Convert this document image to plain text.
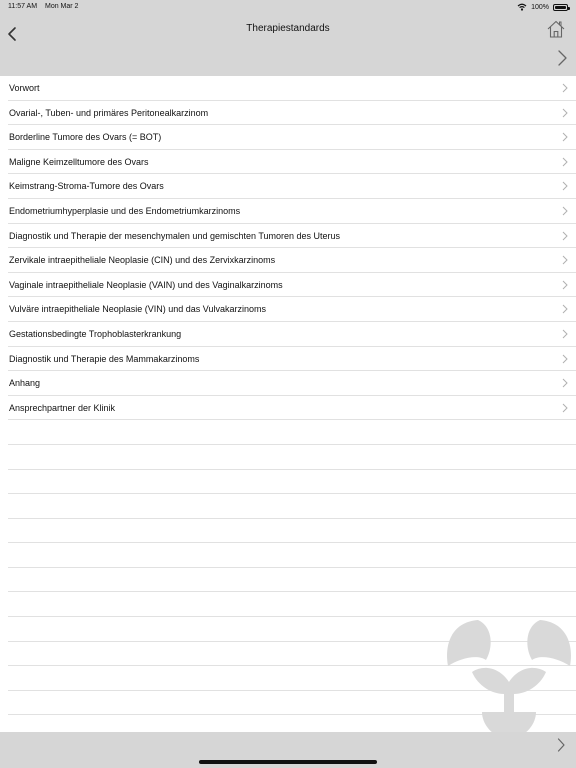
11:57 AM Mon Mar 2	100%
Therapiestandards
Vorwort
Ovarial-, Tuben- und primäres Peritonealkarzinom
Borderline Tumore des Ovars (= BOT)
Maligne Keimzelltumore des Ovars
Keimstrang-Stroma-Tumore des Ovars
Endometriumhyperplasie und des Endometriumkarzinoms
Diagnostik und Therapie der mesenchymalen und gemischten Tumoren des Uterus
Zervikale intraepitheliale Neoplasie (CIN) und des Zervixkarzinoms
Vaginale intraepitheliale Neoplasie (VAIN) und des Vaginalkarzinoms
Vulväre intraepitheliale Neoplasie (VIN) und das Vulvakarzinoms
Gestationsbedingte Trophoblasterkrankung
Diagnostik und Therapie des Mammakarzinoms
Anhang
Ansprechpartner der Klinik
